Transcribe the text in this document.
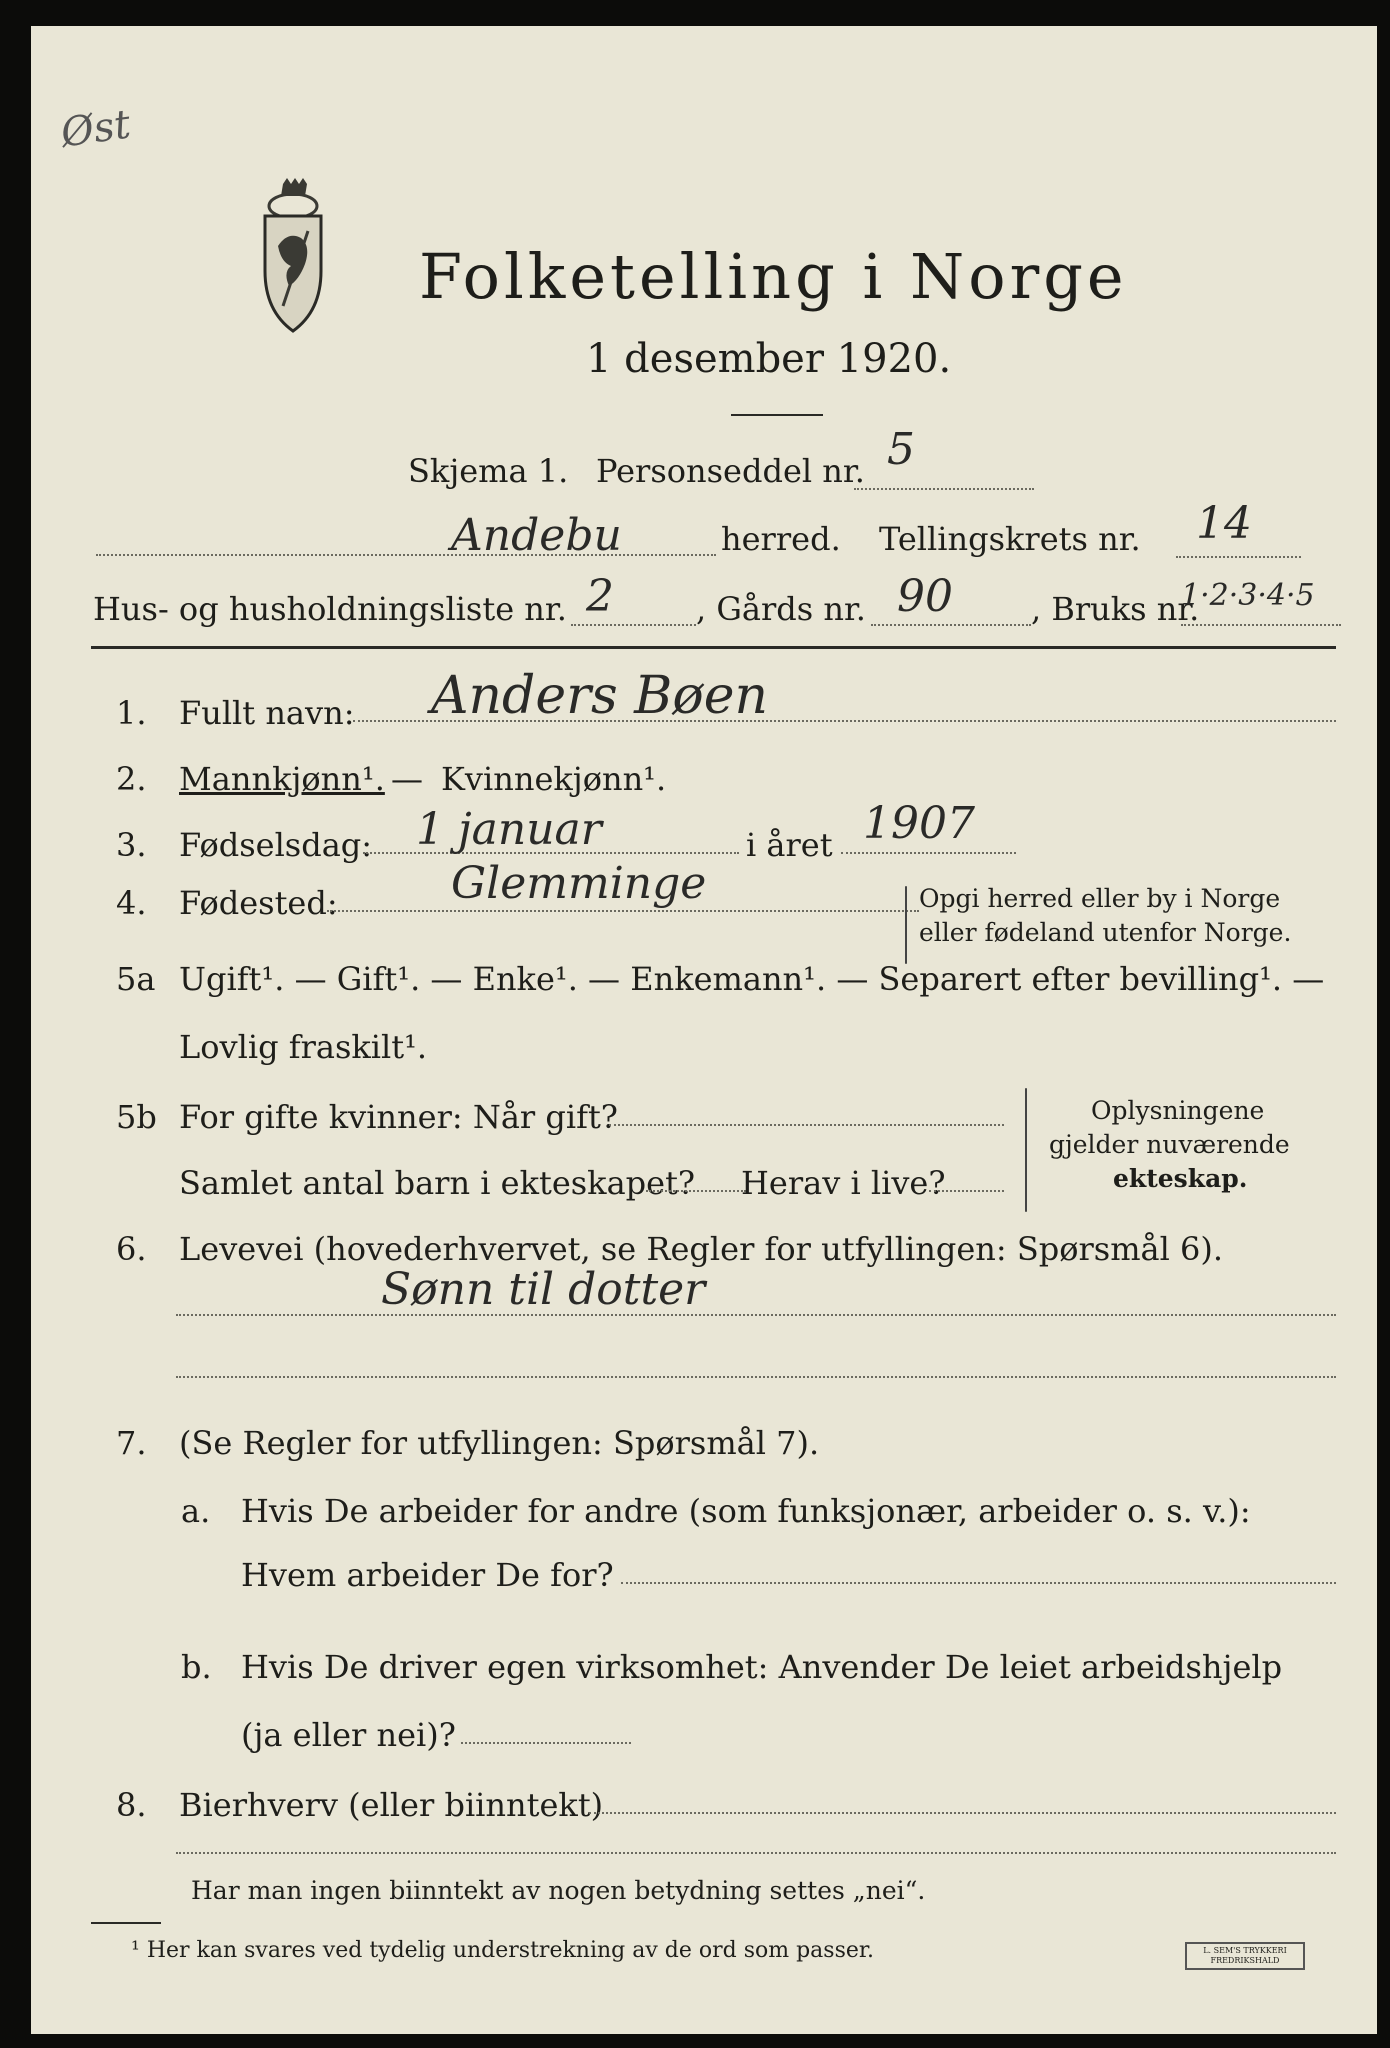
Øst
Folketelling i Norge
1 desember 1920.
Skjema 1. Personseddel nr. 5
Andebu	herred. Tellingskrets nr. 14
Hus- og husholdningsliste nr. 2	, Gårds nr. 90 , Bruks nr.
1·2·3·4·5
1. Fullt navn: Anders Bøen
2. Mannkjønn¹. — Kvinnekjønn¹.
3. Fødselsdag: 1 januar	i året 1907
4. Fødested:	Glemminge	Opgi herred eller by i Norge
eller fødeland utenfor Norge.
5a Ugift¹. — Gift¹. — Enke¹. — Enkemann¹. — Separert efter bevilling¹. —
Lovlig fraskilt¹.
5b For gifte kvinner: Når gift?
Samlet antal barn i ekteskapet? Herav i live?
Oplysningene
gjelder nuværende
ekteskap.
6. Levevei (hovederhvervet, se Regler for utfyllingen: Spørsmål 6).
Sønn til dotter
7. (Se Regler for utfyllingen: Spørsmål 7).
a. Hvis De arbeider for andre (som funksjonær, arbeider o. s. v.):
Hvem arbeider De for?
b. Hvis De driver egen virksomhet: Anvender De leiet arbeidshjelp
(ja eller nei)?
8. Bierhverv (eller biinntekt)
Har man ingen biinntekt av nogen betydning settes „nei“.
¹ Her kan svares ved tydelig understrekning av de ord som passer.	L. SEM'S TRYKKERI FREDRIKSHALD
